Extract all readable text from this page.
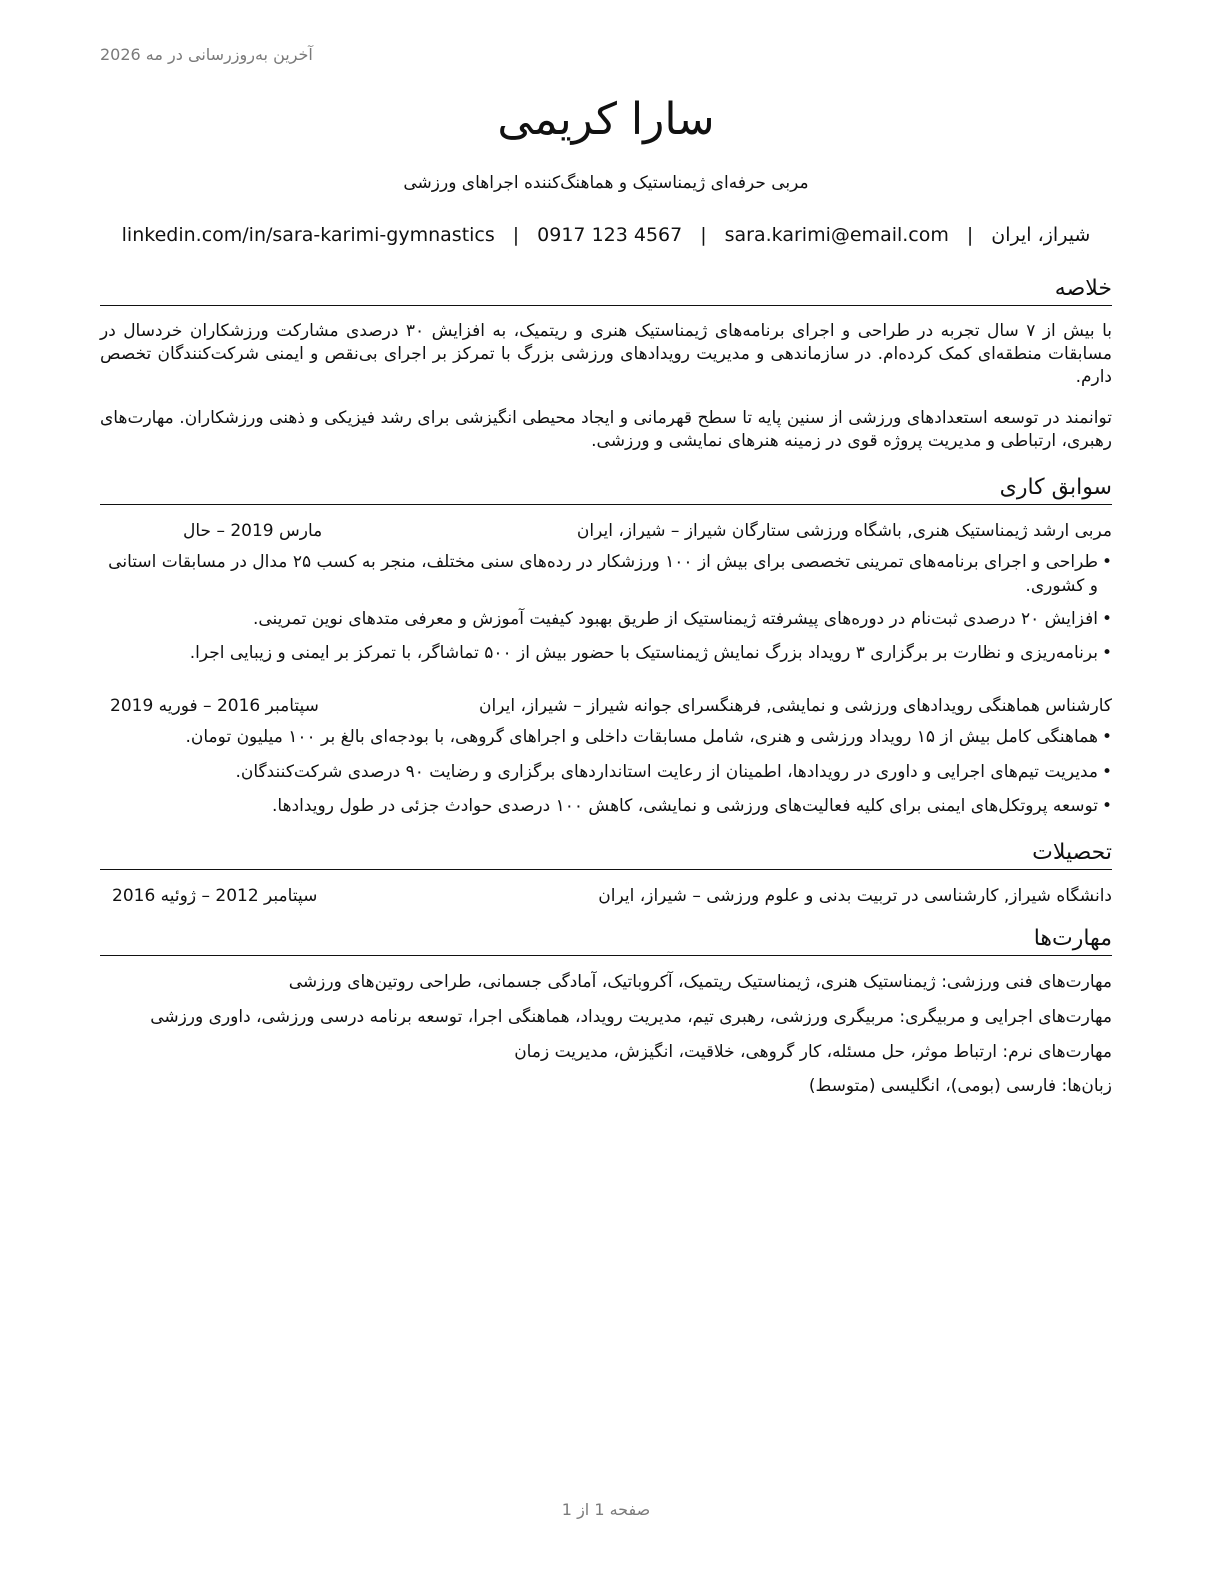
آخرین به‌روزرسانی در مه 2026
سارا کریمی
مربی حرفه‌ای ژیمناستیک و هماهنگ‌کننده اجراهای ورزشی
شیراز، ایران|sara.karimi@email.com|0917 123 4567|linkedin.com/in/sara-karimi-gymnastics
خلاصه
با بیش از ۷ سال تجربه در طراحی و اجرای برنامه‌های ژیمناستیک هنری و ریتمیک، به افزایش ۳۰ درصدی مشارکت ورزشکاران خردسال در مسابقات منطقه‌ای کمک کرده‌ام. در سازماندهی و مدیریت رویدادهای ورزشی بزرگ با تمرکز بر اجرای بی‌نقص و ایمنی شرکت‌کنندگان تخصص دارم.
توانمند در توسعه استعدادهای ورزشی از سنین پایه تا سطح قهرمانی و ایجاد محیطی انگیزشی برای رشد فیزیکی و ذهنی ورزشکاران. مهارت‌های رهبری، ارتباطی و مدیریت پروژه قوی در زمینه هنرهای نمایشی و ورزشی.
سوابق کاری
مربی ارشد ژیمناستیک هنری, باشگاه ورزشی ستارگان شیراز – شیراز، ایران
مارس 2019 – حال
• طراحی و اجرای برنامه‌های تمرینی تخصصی برای بیش از ۱۰۰ ورزشکار در رده‌های سنی مختلف، منجر به کسب ۲۵ مدال در مسابقات استانی و کشوری.
• افزایش ۲۰ درصدی ثبت‌نام در دوره‌های پیشرفته ژیمناستیک از طریق بهبود کیفیت آموزش و معرفی متدهای نوین تمرینی.
• برنامه‌ریزی و نظارت بر برگزاری ۳ رویداد بزرگ نمایش ژیمناستیک با حضور بیش از ۵۰۰ تماشاگر، با تمرکز بر ایمنی و زیبایی اجرا.
کارشناس هماهنگی رویدادهای ورزشی و نمایشی, فرهنگسرای جوانه شیراز – شیراز، ایران
سپتامبر 2016 – فوریه 2019
• هماهنگی کامل بیش از ۱۵ رویداد ورزشی و هنری، شامل مسابقات داخلی و اجراهای گروهی، با بودجه‌ای بالغ بر ۱۰۰ میلیون تومان.
• مدیریت تیم‌های اجرایی و داوری در رویدادها، اطمینان از رعایت استانداردهای برگزاری و رضایت ۹۰ درصدی شرکت‌کنندگان.
• توسعه پروتکل‌های ایمنی برای کلیه فعالیت‌های ورزشی و نمایشی، کاهش ۱۰۰ درصدی حوادث جزئی در طول رویدادها.
تحصیلات
دانشگاه شیراز, کارشناسی در تربیت بدنی و علوم ورزشی – شیراز، ایران
سپتامبر 2012 – ژوئیه 2016
مهارت‌ها
مهارت‌های فنی ورزشی: ژیمناستیک هنری، ژیمناستیک ریتمیک، آکروباتیک، آمادگی جسمانی، طراحی روتین‌های ورزشی
مهارت‌های اجرایی و مربیگری: مربیگری ورزشی، رهبری تیم، مدیریت رویداد، هماهنگی اجرا، توسعه برنامه درسی ورزشی، داوری ورزشی
مهارت‌های نرم: ارتباط موثر، حل مسئله، کار گروهی، خلاقیت، انگیزش، مدیریت زمان
زبان‌ها: فارسی (بومی)، انگلیسی (متوسط)
صفحه 1 از 1
